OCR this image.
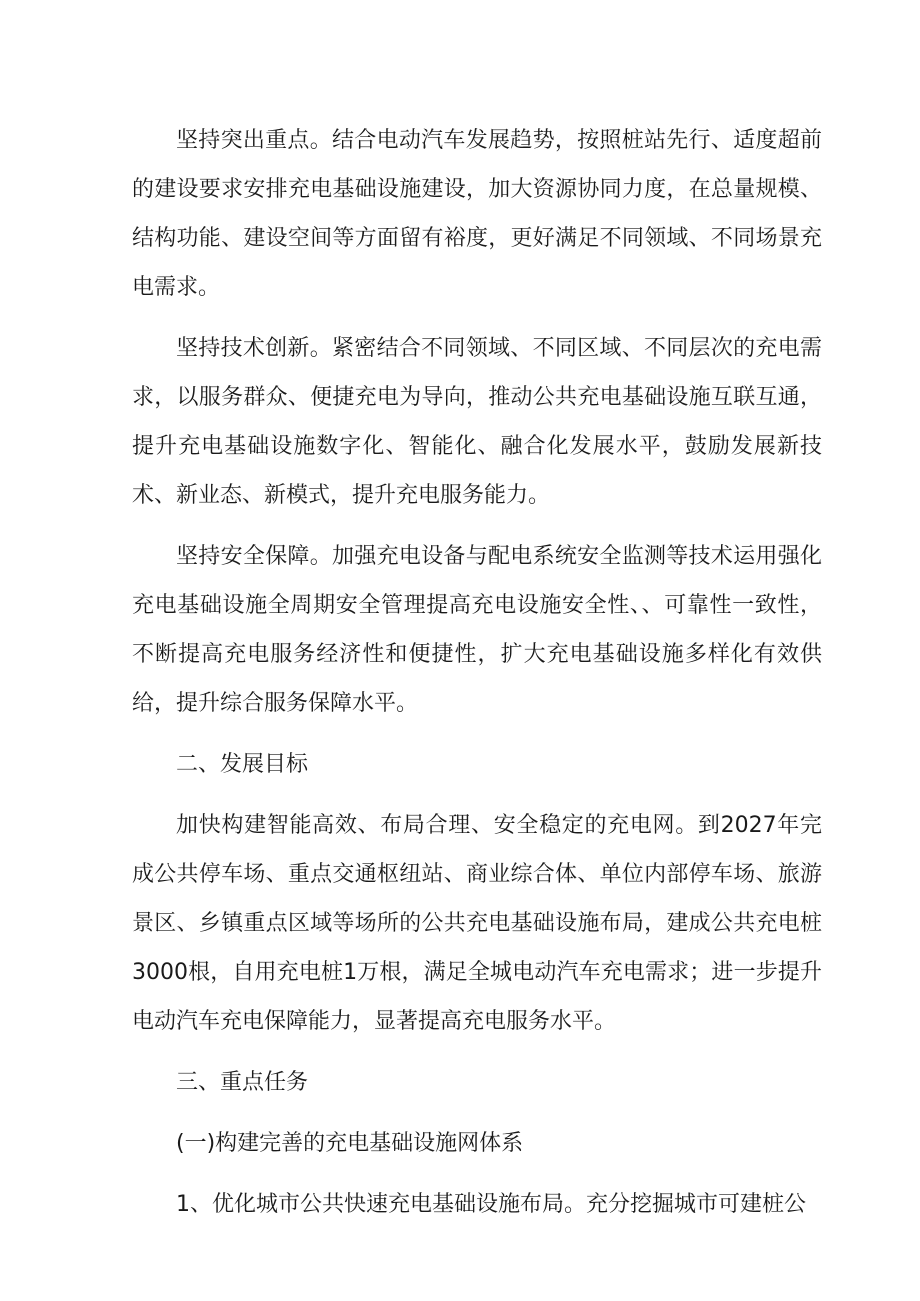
坚持突出重点。结合电动汽车发展趋势，按照桩站先行、适度超前的建设要求安排充电基础设施建设，加大资源协同力度，在总量规模、结构功能、建设空间等方面留有裕度，更好满足不同领域、不同场景充电需求。

坚持技术创新。紧密结合不同领域、不同区域、不同层次的充电需求，以服务群众、便捷充电为导向，推动公共充电基础设施互联互通，提升充电基础设施数字化、智能化、融合化发展水平，鼓励发展新技术、新业态、新模式，提升充电服务能力。

坚持安全保障。加强充电设备与配电系统安全监测等技术运用强化充电基础设施全周期安全管理提高充电设施安全性、、可靠性一致性，不断提高充电服务经济性和便捷性，扩大充电基础设施多样化有效供给，提升综合服务保障水平。

二、发展目标

加快构建智能高效、布局合理、安全稳定的充电网。到2027年完成公共停车场、重点交通枢纽站、商业综合体、单位内部停车场、旅游景区、乡镇重点区域等场所的公共充电基础设施布局，建成公共充电桩3000根，自用充电桩1万根，满足全城电动汽车充电需求；进一步提升电动汽车充电保障能力，显著提高充电服务水平。

三、重点任务

(一)构建完善的充电基础设施网体系

1、优化城市公共快速充电基础设施布局。充分挖掘城市可建桩公
